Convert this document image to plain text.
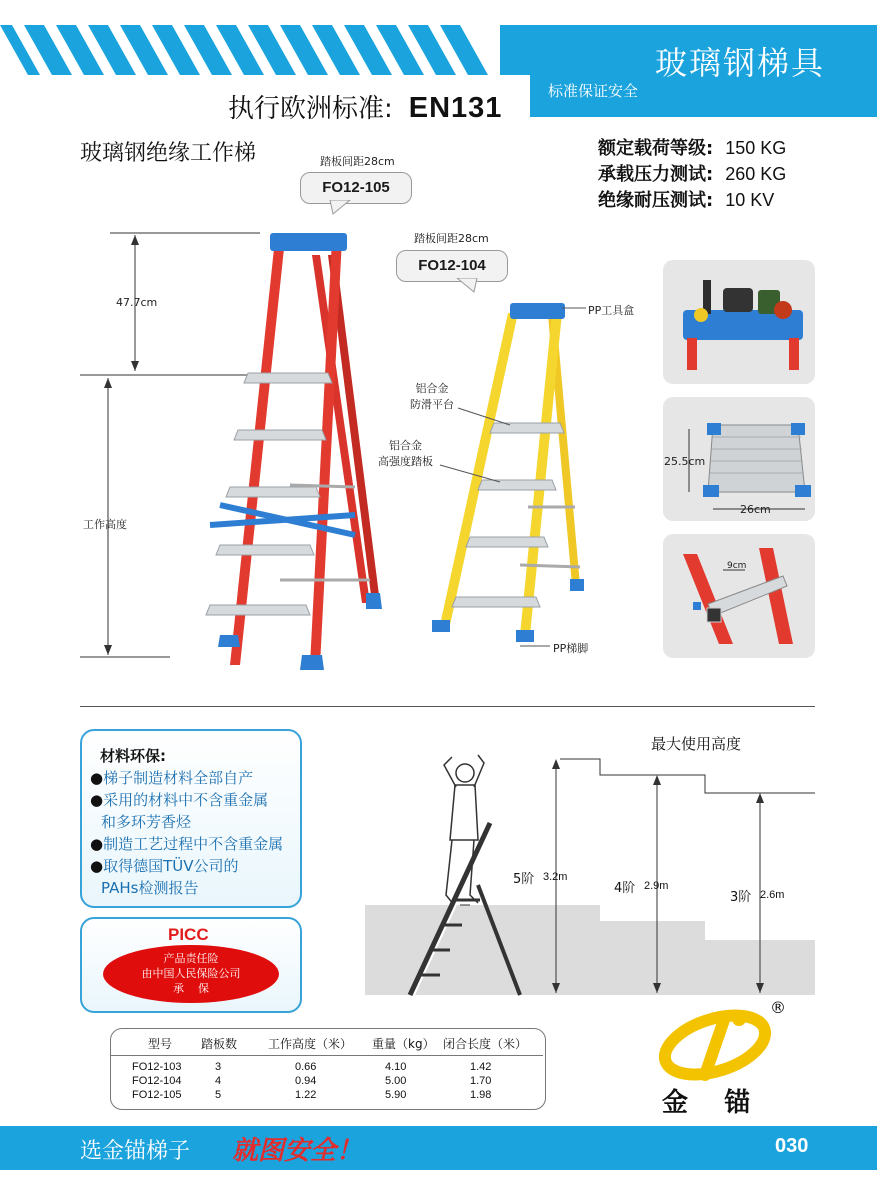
玻璃钢梯具
标准保证安全
执行欧洲标准: EN131
玻璃钢绝缘工作梯	额定载荷等级: 150 KG
承载压力测试: 260 KG
绝缘耐压测试: 10 KV
踏板间距28cm
FO12-105
47.7cm
工作高度
踏板间距28cm
FO12-104
PP工具盒
铝合金
防滑平台
铝合金
高强度踏板
PP梯脚
25.5cm
26cm
9cm
材料环保:
●梯子制造材料全部自产
●采用的材料中不含重金属
和多环芳香烃
●制造工艺过程中不含重金属
●取得德国TÜV公司的
PAHs检测报告
PICC
产品责任险
由中国人民保险公司
承    保
型号 踏板数	工作高度（米） 重量（kg） 闭合长度（米）
FO12-103	3	0.66	4.10	1.42
FO12-104	4	0.94	5.00	1.70
FO12-105	5	1.22	5.90	1.98
最大使用高度
5阶 3.2m
4阶 2.9m
3阶 2.6m
®
金    锚
选金锚梯子 就图安全！	030
